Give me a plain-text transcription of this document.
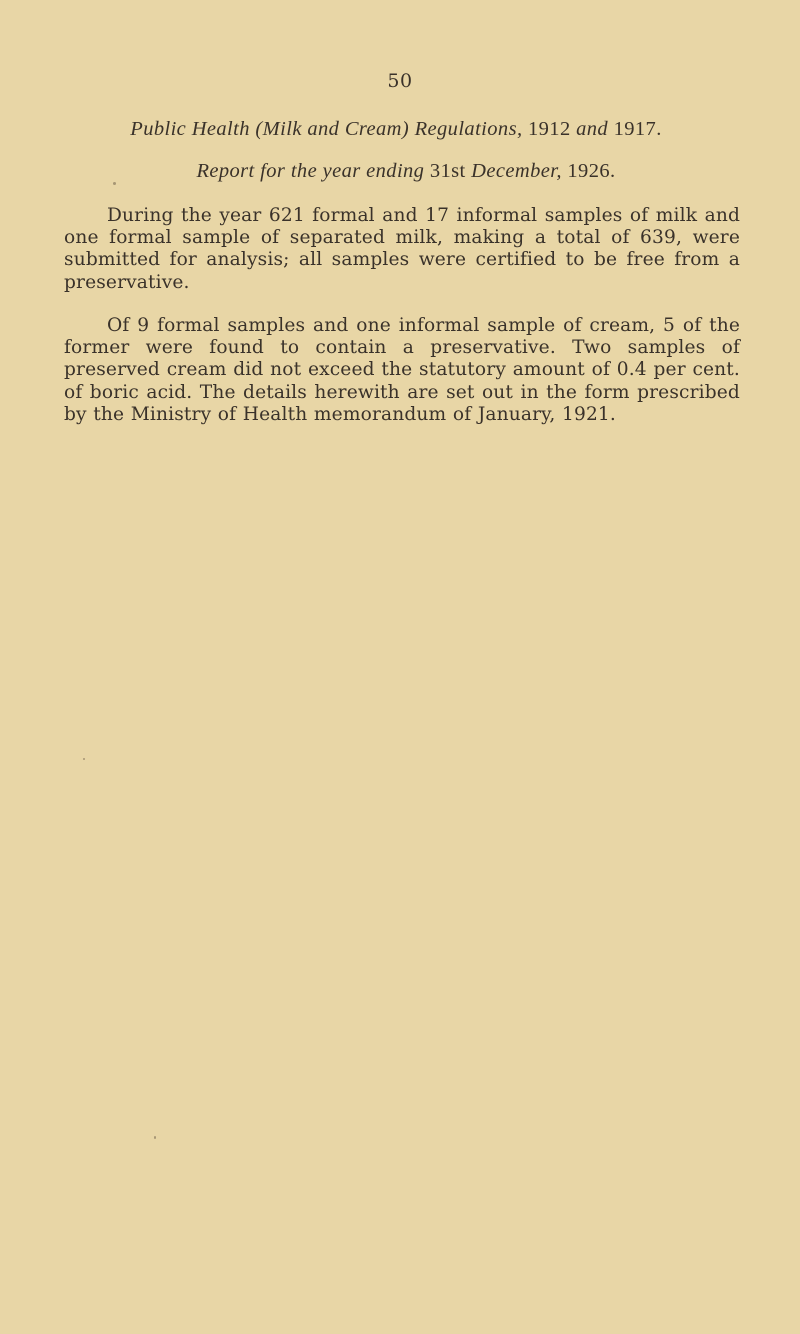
50
Public Health (Milk and Cream) Regulations, 1912 and 1917.
Report for the year ending 31st December, 1926.

During the year 621 formal and 17 informal samples of milk and one formal sample of separated milk, making a total of 639, were submitted for analysis; all samples were certified to be free from a preservative.

Of 9 formal samples and one informal sample of cream, 5 of the former were found to contain a preservative. Two samples of preserved cream did not exceed the statutory amount of 0.4 per cent. of boric acid. The details herewith are set out in the form prescribed by the Ministry of Health memorandum of January, 1921.
